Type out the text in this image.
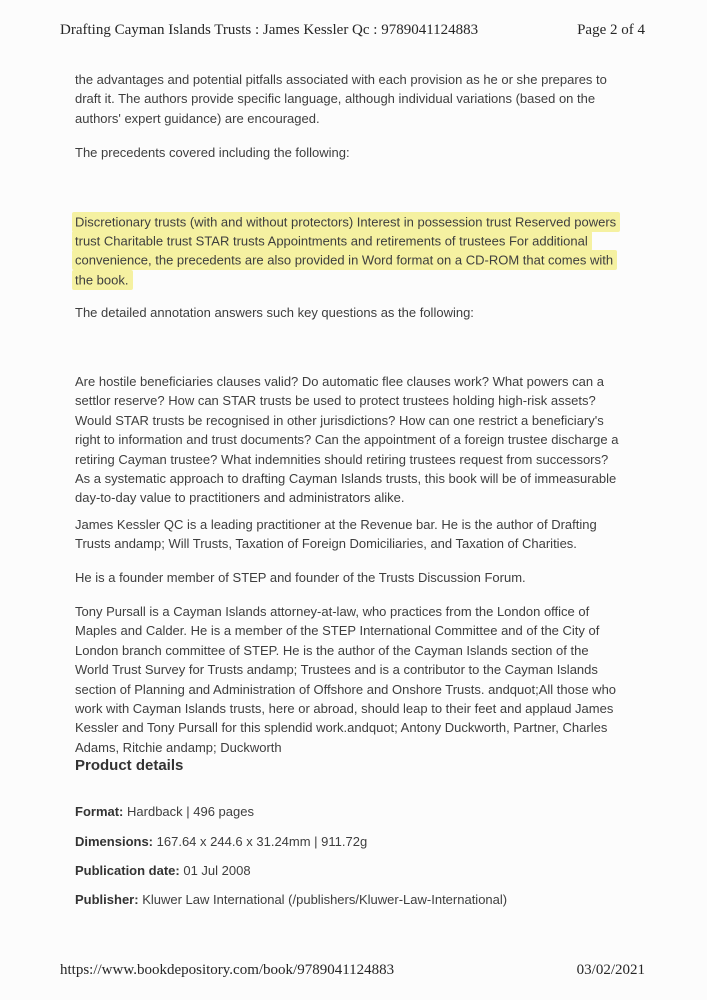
Drafting Cayman Islands Trusts : James Kessler Qc : 9789041124883	Page 2 of 4

the advantages and potential pitfalls associated with each provision as he or she prepares to draft it. The authors provide specific language, although individual variations (based on the authors' expert guidance) are encouraged.

The precedents covered including the following:

Discretionary trusts (with and without protectors) Interest in possession trust Reserved powers trust Charitable trust STAR trusts Appointments and retirements of trustees For additional convenience, the precedents are also provided in Word format on a CD-ROM that comes with the book.

The detailed annotation answers such key questions as the following:

Are hostile beneficiaries clauses valid? Do automatic flee clauses work? What powers can a settlor reserve? How can STAR trusts be used to protect trustees holding high-risk assets? Would STAR trusts be recognised in other jurisdictions? How can one restrict a beneficiary's right to information and trust documents? Can the appointment of a foreign trustee discharge a retiring Cayman trustee? What indemnities should retiring trustees request from successors? As a systematic approach to drafting Cayman Islands trusts, this book will be of immeasurable day-to-day value to practitioners and administrators alike.

James Kessler QC is a leading practitioner at the Revenue bar. He is the author of Drafting Trusts andamp; Will Trusts, Taxation of Foreign Domiciliaries, and Taxation of Charities.

He is a founder member of STEP and founder of the Trusts Discussion Forum.

Tony Pursall is a Cayman Islands attorney-at-law, who practices from the London office of Maples and Calder. He is a member of the STEP International Committee and of the City of London branch committee of STEP. He is the author of the Cayman Islands section of the World Trust Survey for Trusts andamp; Trustees and is a contributor to the Cayman Islands section of Planning and Administration of Offshore and Onshore Trusts. andquot;All those who work with Cayman Islands trusts, here or abroad, should leap to their feet and applaud James Kessler and Tony Pursall for this splendid work.andquot; Antony Duckworth, Partner, Charles Adams, Ritchie andamp; Duckworth

Product details

Format: Hardback | 496 pages

Dimensions: 167.64 x 244.6 x 31.24mm | 911.72g

Publication date: 01 Jul 2008

Publisher: Kluwer Law International (/publishers/Kluwer-Law-International)

https://www.bookdepository.com/book/9789041124883	03/02/2021
